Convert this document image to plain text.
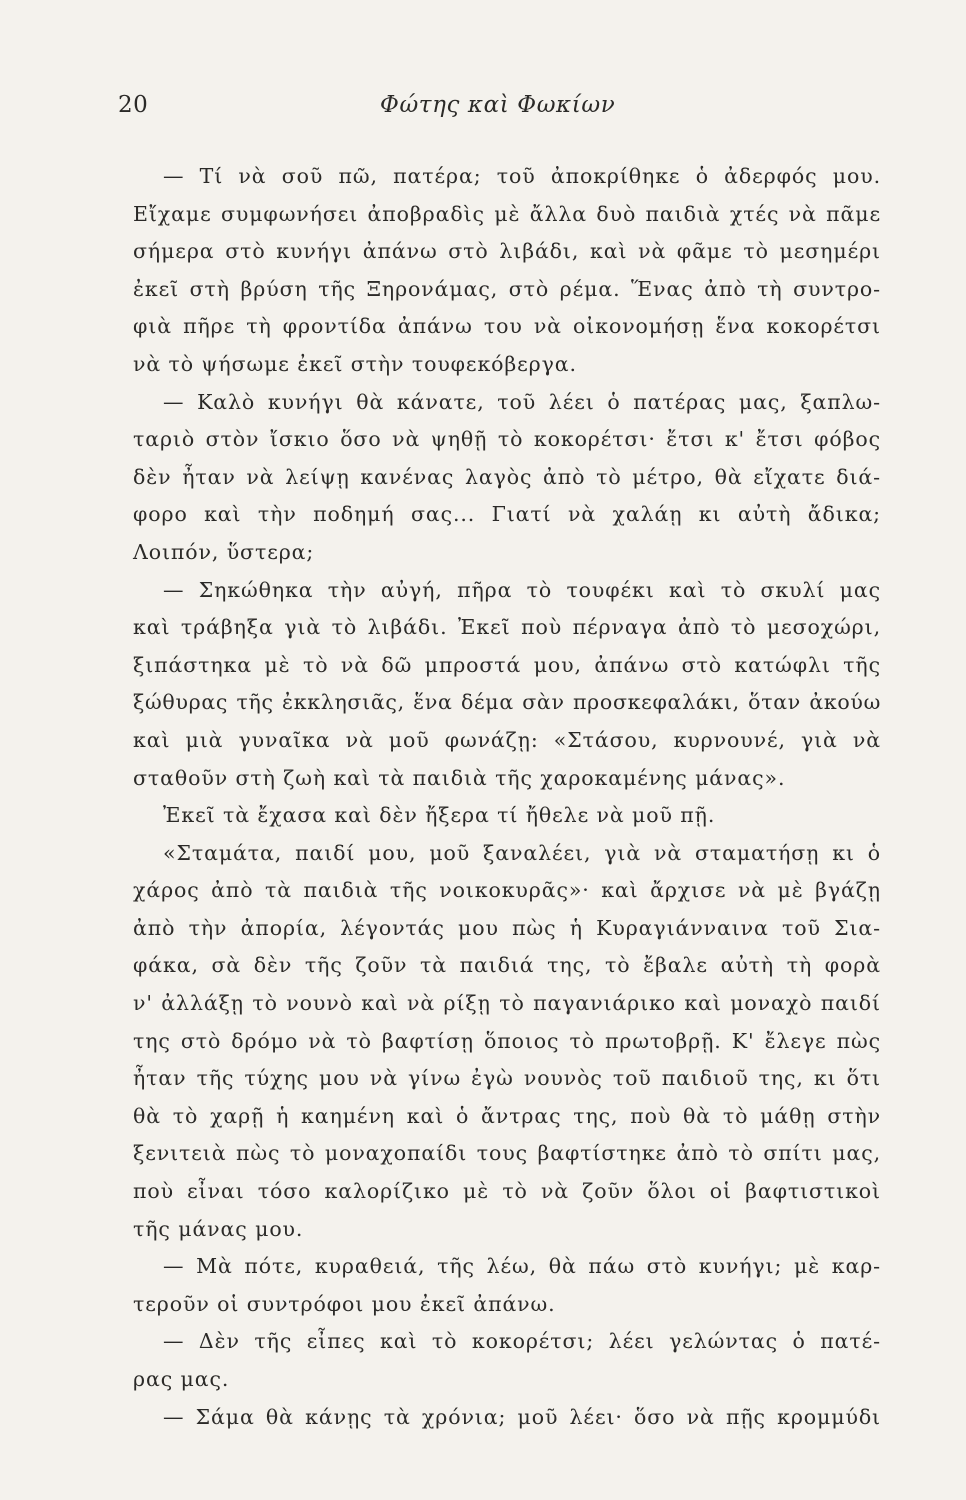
20	Φώτης καὶ Φωκίων
— Τί νὰ σοῦ πῶ, πατέρα; τοῦ ἀποκρίθηκε ὁ ἀδερφός μου.
Εἴχαμε συμφωνήσει ἀποβραδὶς μὲ ἄλλα δυὸ παιδιὰ χτές νὰ πᾶμε
σήμερα στὸ κυνήγι ἀπάνω στὸ λιβάδι, καὶ νὰ φᾶμε τὸ μεσημέρι
ἐκεῖ στὴ βρύση τῆς Ξηρονάμας, στὸ ρέμα. Ἕνας ἀπὸ τὴ συντρο-
φιὰ πῆρε τὴ φροντίδα ἀπάνω του νὰ οἰκονομήσῃ ἕνα κοκορέτσι
νὰ τὸ ψήσωμε ἐκεῖ στὴν τουφεκόβεργα.
— Καλὸ κυνήγι θὰ κάνατε, τοῦ λέει ὁ πατέρας μας, ξαπλω-
ταριὸ στὸν ἴσκιο ὅσο νὰ ψηθῇ τὸ κοκορέτσι· ἔτσι κ' ἔτσι φόβος
δὲν ἦταν νὰ λείψῃ κανένας λαγὸς ἀπὸ τὸ μέτρο, θὰ εἴχατε διά-
φορο καὶ τὴν ποδημή σας... Γιατί νὰ χαλάῃ κι αὐτὴ ἄδικα;
Λοιπόν, ὕστερα;
— Σηκώθηκα τὴν αὐγή, πῆρα τὸ τουφέκι καὶ τὸ σκυλί μας
καὶ τράβηξα γιὰ τὸ λιβάδι. Ἐκεῖ ποὺ πέρναγα ἀπὸ τὸ μεσοχώρι,
ξιπάστηκα μὲ τὸ νὰ δῶ μπροστά μου, ἀπάνω στὸ κατώφλι τῆς
ξώθυρας τῆς ἐκκλησιᾶς, ἕνα δέμα σὰν προσκεφαλάκι, ὅταν ἀκούω
καὶ μιὰ γυναῖκα νὰ μοῦ φωνάζῃ: «Στάσου, κυρνουνέ, γιὰ νὰ
σταθοῦν στὴ ζωὴ καὶ τὰ παιδιὰ τῆς χαροκαμένης μάνας».
Ἐκεῖ τὰ ἔχασα καὶ δὲν ἤξερα τί ἤθελε νὰ μοῦ πῇ.
«Σταμάτα, παιδί μου, μοῦ ξαναλέει, γιὰ νὰ σταματήσῃ κι ὁ
χάρος ἀπὸ τὰ παιδιὰ τῆς νοικοκυρᾶς»· καὶ ἄρχισε νὰ μὲ βγάζῃ
ἀπὸ τὴν ἀπορία, λέγοντάς μου πὼς ἡ Κυραγιάνναινα τοῦ Σια-
φάκα, σὰ δὲν τῆς ζοῦν τὰ παιδιά της, τὸ ἔβαλε αὐτὴ τὴ φορὰ
ν' ἀλλάξῃ τὸ νουνὸ καὶ νὰ ρίξῃ τὸ παγανιάρικο καὶ μοναχὸ παιδί
της στὸ δρόμο νὰ τὸ βαφτίσῃ ὅποιος τὸ πρωτοβρῇ. Κ' ἔλεγε πὼς
ἦταν τῆς τύχης μου νὰ γίνω ἐγὼ νουνὸς τοῦ παιδιοῦ της, κι ὅτι
θὰ τὸ χαρῇ ἡ καημένη καὶ ὁ ἄντρας της, ποὺ θὰ τὸ μάθῃ στὴν
ξενιτειὰ πὼς τὸ μοναχοπαίδι τους βαφτίστηκε ἀπὸ τὸ σπίτι μας,
ποὺ εἶναι τόσο καλορίζικο μὲ τὸ νὰ ζοῦν ὅλοι οἱ βαφτιστικοὶ
τῆς μάνας μου.
— Μὰ πότε, κυραθειά, τῆς λέω, θὰ πάω στὸ κυνήγι; μὲ καρ-
τεροῦν οἱ συντρόφοι μου ἐκεῖ ἀπάνω.
— Δὲν τῆς εἶπες καὶ τὸ κοκορέτσι; λέει γελώντας ὁ πατέ-
ρας μας.
— Σάμα θὰ κάνῃς τὰ χρόνια; μοῦ λέει· ὅσο νὰ πῇς κρομμύδι
